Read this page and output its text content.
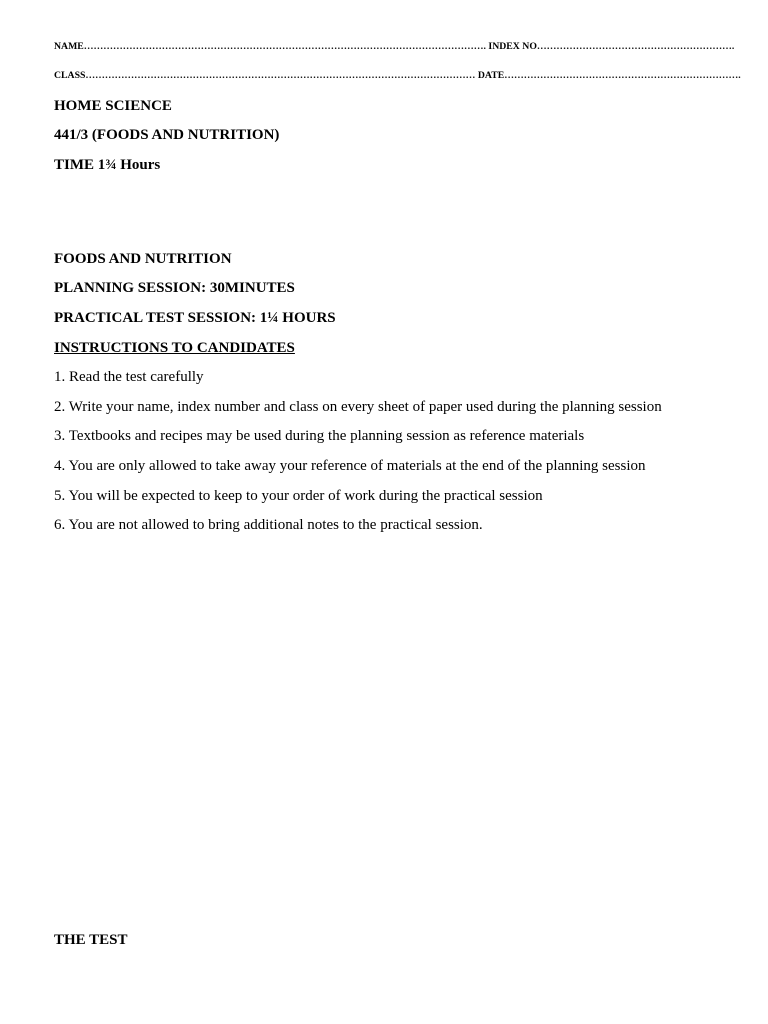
NAME……………………………………………………………………………………………………………. INDEX NO…………………………………………………….
CLASS………………………………………………………………………………………………………… DATE……………………………………………………………….
HOME SCIENCE
441/3 (FOODS AND NUTRITION)
TIME 1¾ Hours
FOODS AND NUTRITION
PLANNING SESSION: 30MINUTES
PRACTICAL TEST SESSION: 1¼ HOURS
INSTRUCTIONS TO CANDIDATES
1. Read the test carefully
2. Write your name, index number and class on every sheet of paper used during the planning session
3. Textbooks and recipes may be used during the planning session as reference materials
4. You are only allowed to take away your reference of materials at the end of the planning session
5. You will be expected to keep to your order of work during the practical session
6. You are not allowed to bring additional notes to the practical session.
THE TEST
